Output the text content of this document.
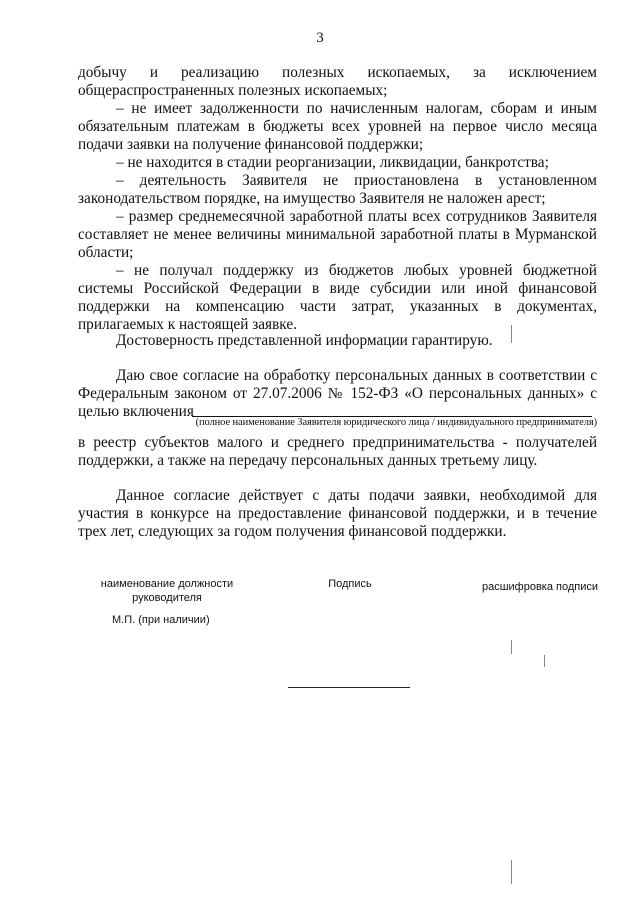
3
добычу и реализацию полезных ископаемых, за исключением общераспространенных полезных ископаемых;
– не имеет задолженности по начисленным налогам, сборам и иным обязательным платежам в бюджеты всех уровней на первое число месяца подачи заявки на получение финансовой поддержки;
– не находится в стадии реорганизации, ликвидации, банкротства;
– деятельность Заявителя не приостановлена в установленном законодательством порядке, на имущество Заявителя не наложен арест;
– размер среднемесячной заработной платы всех сотрудников Заявителя составляет не менее величины минимальной заработной платы в Мурманской области;
– не получал поддержку из бюджетов любых уровней бюджетной системы Российской Федерации в виде субсидии или иной финансовой поддержки на компенсацию части затрат, указанных в документах, прилагаемых к настоящей заявке.
Достоверность представленной информации гарантирую.
Даю свое согласие на обработку персональных данных в соответствии с Федеральным законом от 27.07.2006 № 152-ФЗ «О персональных данных» с целью включения
(полное наименование Заявителя юридического лица / индивидуального предпринимателя)
в реестр субъектов малого и среднего предпринимательства - получателей поддержки, а также на передачу персональных данных третьему лицу.
Данное согласие действует с даты подачи заявки, необходимой для участия в конкурсе на предоставление финансовой поддержки, и в течение трех лет, следующих за годом получения финансовой поддержки.
наименование должности руководителя
Подпись	расшифровка подписи
М.П. (при наличии)
